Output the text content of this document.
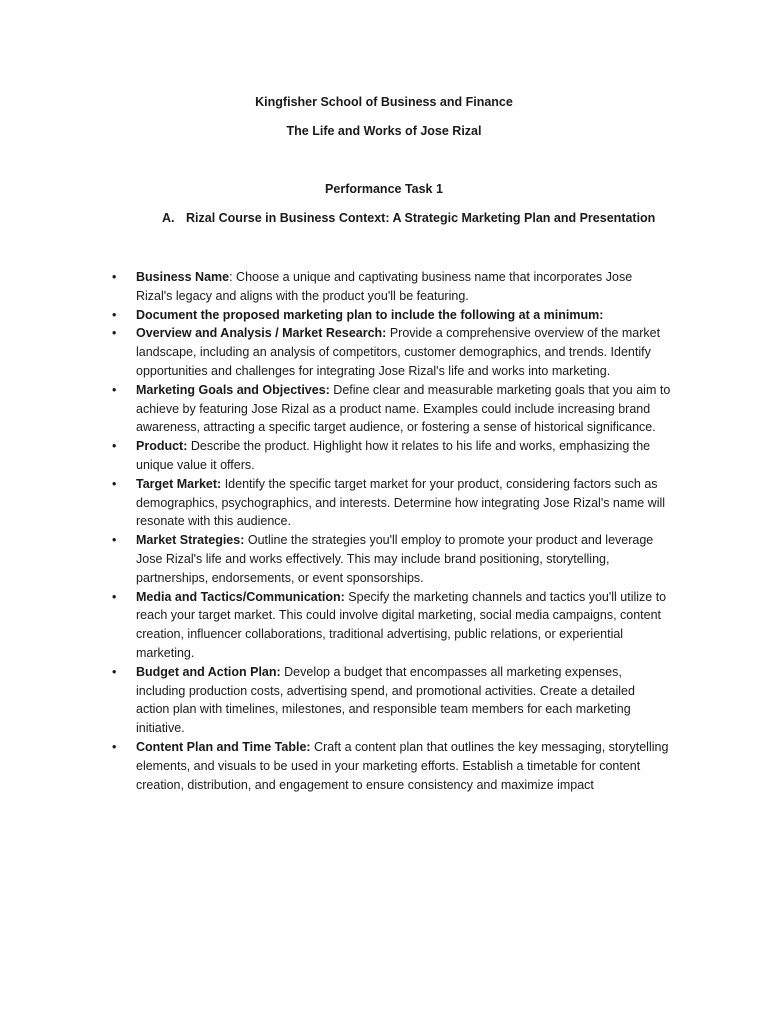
Kingfisher School of Business and Finance
The Life and Works of Jose Rizal
Performance Task 1
A. Rizal Course in Business Context: A Strategic Marketing Plan and Presentation
• Business Name: Choose a unique and captivating business name that incorporates Jose Rizal's legacy and aligns with the product you'll be featuring.
• Document the proposed marketing plan to include the following at a minimum:
• Overview and Analysis / Market Research: Provide a comprehensive overview of the market landscape, including an analysis of competitors, customer demographics, and trends. Identify opportunities and challenges for integrating Jose Rizal's life and works into marketing.
• Marketing Goals and Objectives: Define clear and measurable marketing goals that you aim to achieve by featuring Jose Rizal as a product name. Examples could include increasing brand awareness, attracting a specific target audience, or fostering a sense of historical significance.
• Product: Describe the product. Highlight how it relates to his life and works, emphasizing the unique value it offers.
• Target Market: Identify the specific target market for your product, considering factors such as demographics, psychographics, and interests. Determine how integrating Jose Rizal's name will resonate with this audience.
• Market Strategies: Outline the strategies you'll employ to promote your product and leverage Jose Rizal's life and works effectively. This may include brand positioning, storytelling, partnerships, endorsements, or event sponsorships.
• Media and Tactics/Communication: Specify the marketing channels and tactics you'll utilize to reach your target market. This could involve digital marketing, social media campaigns, content creation, influencer collaborations, traditional advertising, public relations, or experiential marketing.
• Budget and Action Plan: Develop a budget that encompasses all marketing expenses, including production costs, advertising spend, and promotional activities. Create a detailed action plan with timelines, milestones, and responsible team members for each marketing initiative.
• Content Plan and Time Table: Craft a content plan that outlines the key messaging, storytelling elements, and visuals to be used in your marketing efforts. Establish a timetable for content creation, distribution, and engagement to ensure consistency and maximize impact
